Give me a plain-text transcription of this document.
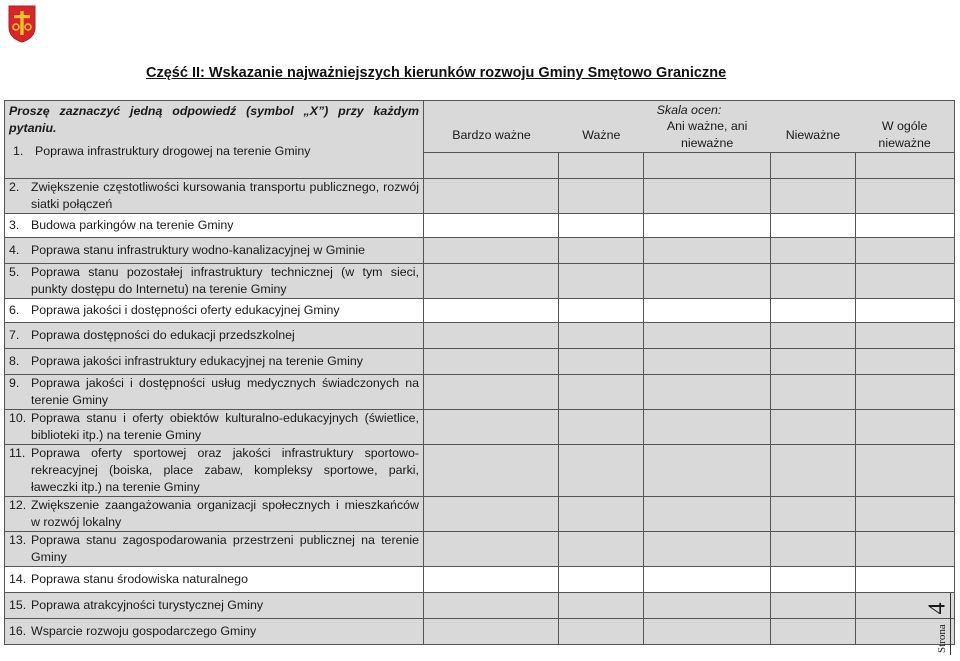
Część II: Wskazanie najważniejszych kierunków rozwoju Gminy Smętowo Graniczne
Proszę zaznaczyć jedną odpowiedź (symbol „X”) przy każdym pytaniu.
1. Poprawa infrastruktury drogowej na terenie Gminy

Skala ocen:
Bardzo ważne	Ważne	Ani ważne, ani nieważne	Nieważne	W ogóle nieważne

2. Zwiększenie częstotliwości kursowania transportu publicznego, rozwój siatki połączeń					
3. Budowa parkingów na terenie Gminy					
4. Poprawa stanu infrastruktury wodno-kanalizacyjnej w Gminie					
5. Poprawa stanu pozostałej infrastruktury technicznej (w tym sieci, punkty dostępu do Internetu) na terenie Gminy					
6. Poprawa jakości i dostępności oferty edukacyjnej Gminy					
7. Poprawa dostępności do edukacji przedszkolnej					
8. Poprawa jakości infrastruktury edukacyjnej na terenie Gminy					
9. Poprawa jakości i dostępności usług medycznych świadczonych na terenie Gminy					
10. Poprawa stanu i oferty obiektów kulturalno-edukacyjnych (świetlice, biblioteki itp.) na terenie Gminy					
11. Poprawa oferty sportowej oraz jakości infrastruktury sportowo-rekreacyjnej (boiska, place zabaw, kompleksy sportowe, parki, ławeczki itp.) na terenie Gminy					
12. Zwiększenie zaangażowania organizacji społecznych i mieszkańców w rozwój lokalny					
13. Poprawa stanu zagospodarowania przestrzeni publicznej na terenie Gminy					
14. Poprawa stanu środowiska naturalnego					
15. Poprawa atrakcyjności turystycznej Gminy					
16. Wsparcie rozwoju gospodarczego Gminy						Strona
4
